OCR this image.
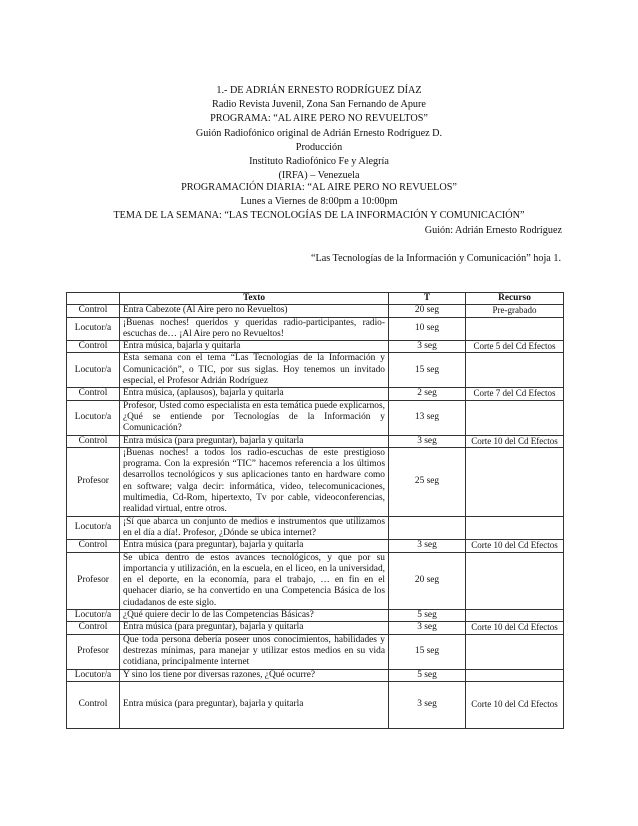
1.- DE ADRIÁN ERNESTO RODRÍGUEZ DÍAZ
Radio Revista Juvenil, Zona San Fernando de Apure
PROGRAMA: “AL AIRE PERO NO REVUELTOS”
Guión Radiofónico original de Adrián Ernesto Rodríguez D.
Producción
Instituto Radiofónico Fe y Alegría
(IRFA) – Venezuela
PROGRAMACIÓN DIARIA: “AL AIRE PERO NO REVUELOS”
Lunes a Viernes de 8:00pm a 10:00pm
TEMA DE LA SEMANA: “LAS TECNOLOGÍAS DE LA INFORMACIÓN Y COMUNICACIÓN”
Guión: Adrián Ernesto Rodríguez
“Las Tecnologías de la Información y Comunicación” hoja 1.
	Texto	T	Recurso
Control	Entra Cabezote (Al Aire pero no Revueltos)	20 seg	Pre-grabado
Locutor/a	¡Buenas noches! queridos y queridas radio-participantes, radio-escuchas de… ¡Al Aire pero no Revueltos!	10 seg	
Control	Entra música, bajarla y quitarla	3 seg	Corte 5 del Cd Efectos
Locutor/a	Esta semana con el tema “Las Tecnologías de la Información y Comunicación”, o TIC, por sus siglas. Hoy tenemos un invitado especial, el Profesor Adrián Rodríguez	15 seg	
Control	Entra música, (aplausos), bajarla y quitarla	2 seg	Corte 7 del Cd Efectos
Locutor/a	Profesor, Usted como especialista en esta temática puede explicarnos, ¿Qué se entiende por Tecnologías de la Información y Comunicación?	13 seg	
Control	Entra música (para preguntar), bajarla y quitarla	3 seg	Corte 10 del Cd Efectos
Profesor	¡Buenas noches! a todos los radio-escuchas de este prestigioso programa. Con la expresión “TIC” hacemos referencia a los últimos desarrollos tecnológicos y sus aplicaciones tanto en hardware como en software; valga decir: informática, video, telecomunicaciones, multimedia, Cd-Rom, hipertexto, Tv por cable, videoconferencias, realidad virtual, entre otros.	25 seg	
Locutor/a	¡Sí que abarca un conjunto de medios e instrumentos que utilizamos en el día a día!. Profesor, ¿Dónde se ubica internet?		
Control	Entra música (para preguntar), bajarla y quitarla	3 seg	Corte 10 del Cd Efectos
Profesor	Se ubica dentro de estos avances tecnológicos, y que por su importancia y utilización, en la escuela, en el liceo, en la universidad, en el deporte, en la economía, para el trabajo, … en fin en el quehacer diario, se ha convertido en una Competencia Básica de los ciudadanos de este siglo.	20 seg	
Locutor/a	¿Qué quiere decir lo de las Competencias Básicas?	5 seg	
Control	Entra música (para preguntar), bajarla y quitarla	3 seg	Corte 10 del Cd Efectos
Profesor	Que toda persona debería poseer unos conocimientos, habilidades y destrezas mínimas, para manejar y utilizar estos medios en su vida cotidiana, principalmente internet	15 seg	
Locutor/a	Y sino los tiene por diversas razones, ¿Qué ocurre?	5 seg	
Control	Entra música (para preguntar), bajarla y quitarla	3 seg	Corte 10 del Cd Efectos
